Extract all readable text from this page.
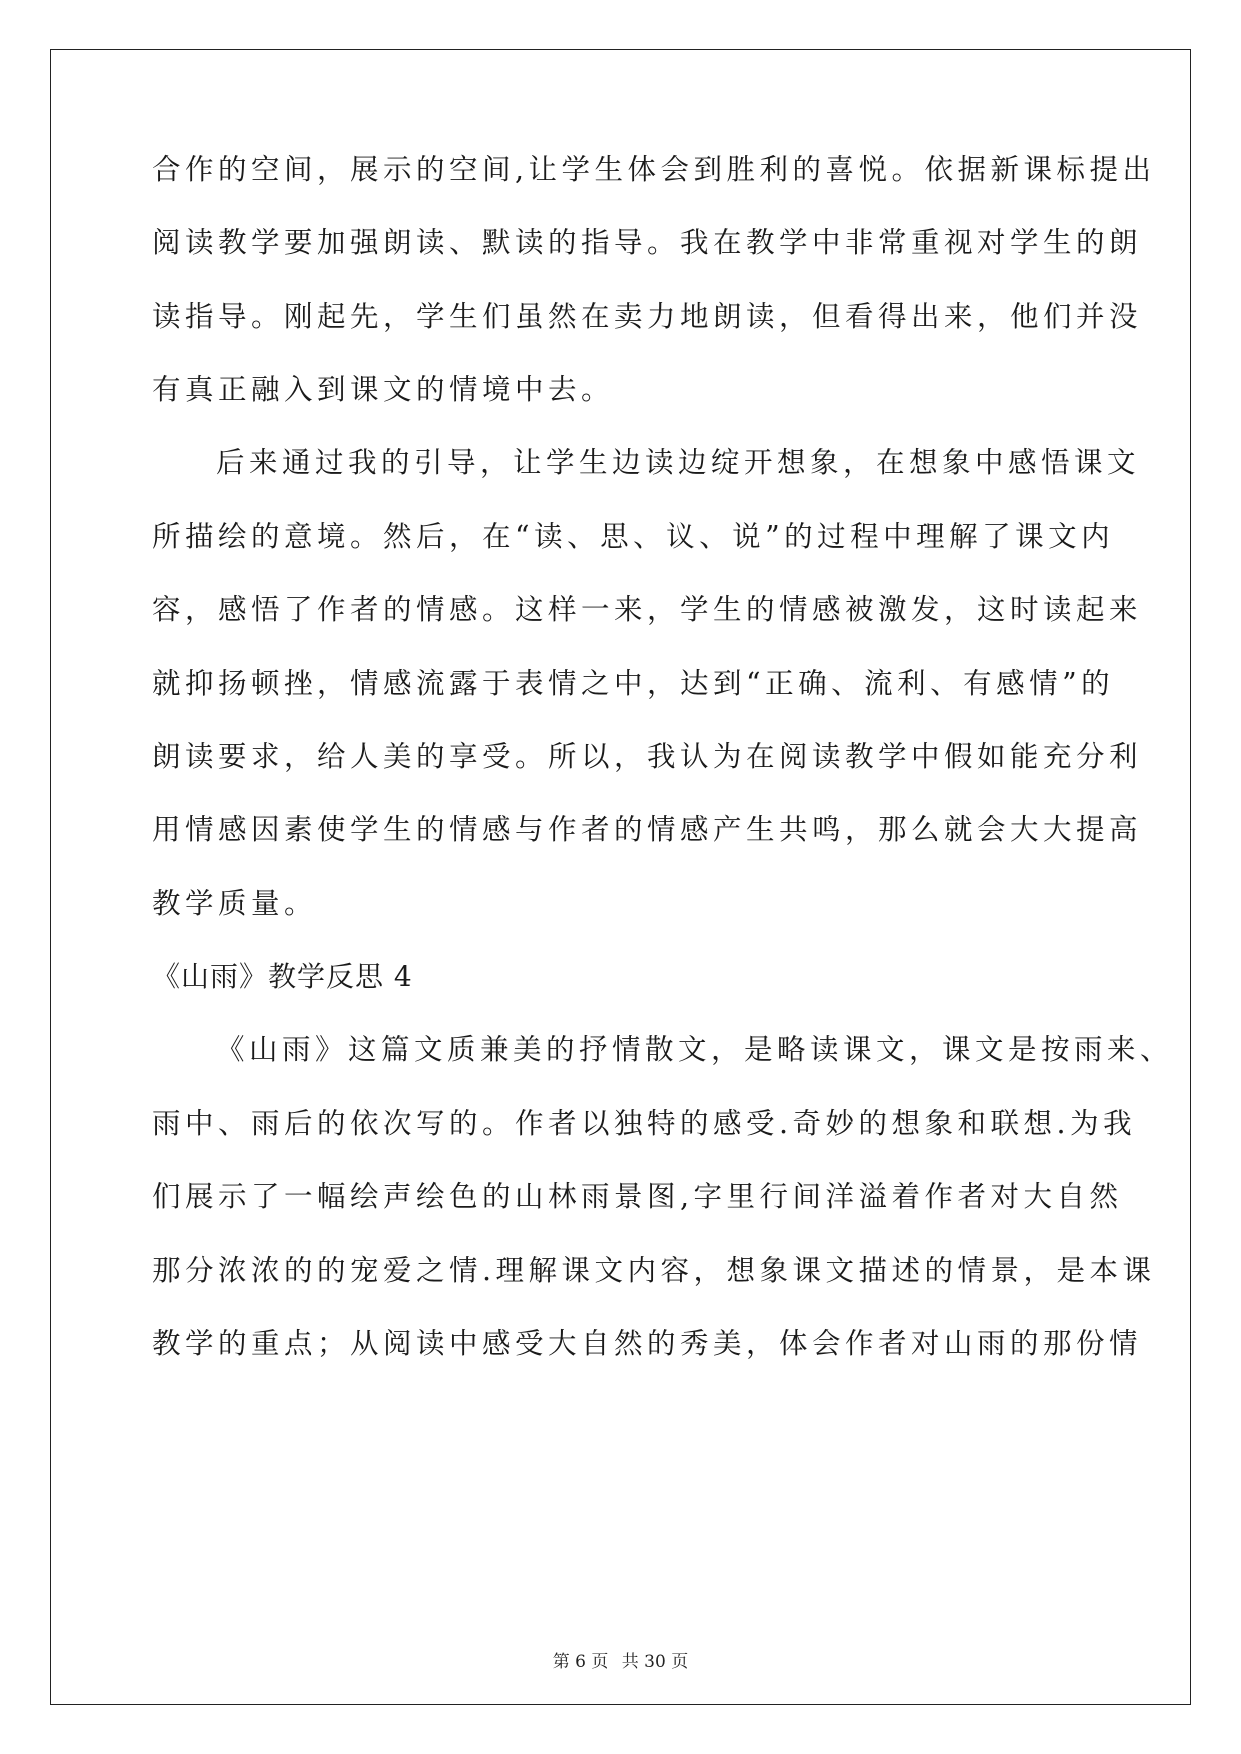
合作的空间，展示的空间,让学生体会到胜利的喜悦。依据新课标提出
阅读教学要加强朗读、默读的指导。我在教学中非常重视对学生的朗
读指导。刚起先，学生们虽然在卖力地朗读，但看得出来，他们并没
有真正融入到课文的情境中去。
后来通过我的引导，让学生边读边绽开想象，在想象中感悟课文
所描绘的意境。然后，在“读、思、议、说”的过程中理解了课文内
容，感悟了作者的情感。这样一来，学生的情感被激发，这时读起来
就抑扬顿挫，情感流露于表情之中，达到“正确、流利、有感情”的
朗读要求，给人美的享受。所以，我认为在阅读教学中假如能充分利
用情感因素使学生的情感与作者的情感产生共鸣，那么就会大大提高
教学质量。
《山雨》教学反思 4
《山雨》这篇文质兼美的抒情散文，是略读课文，课文是按雨来、
雨中、雨后的依次写的。作者以独特的感受.奇妙的想象和联想.为我
们展示了一幅绘声绘色的山林雨景图,字里行间洋溢着作者对大自然
那分浓浓的的宠爱之情.理解课文内容，想象课文描述的情景，是本课
教学的重点；从阅读中感受大自然的秀美，体会作者对山雨的那份情
第 6 页 共 30 页
